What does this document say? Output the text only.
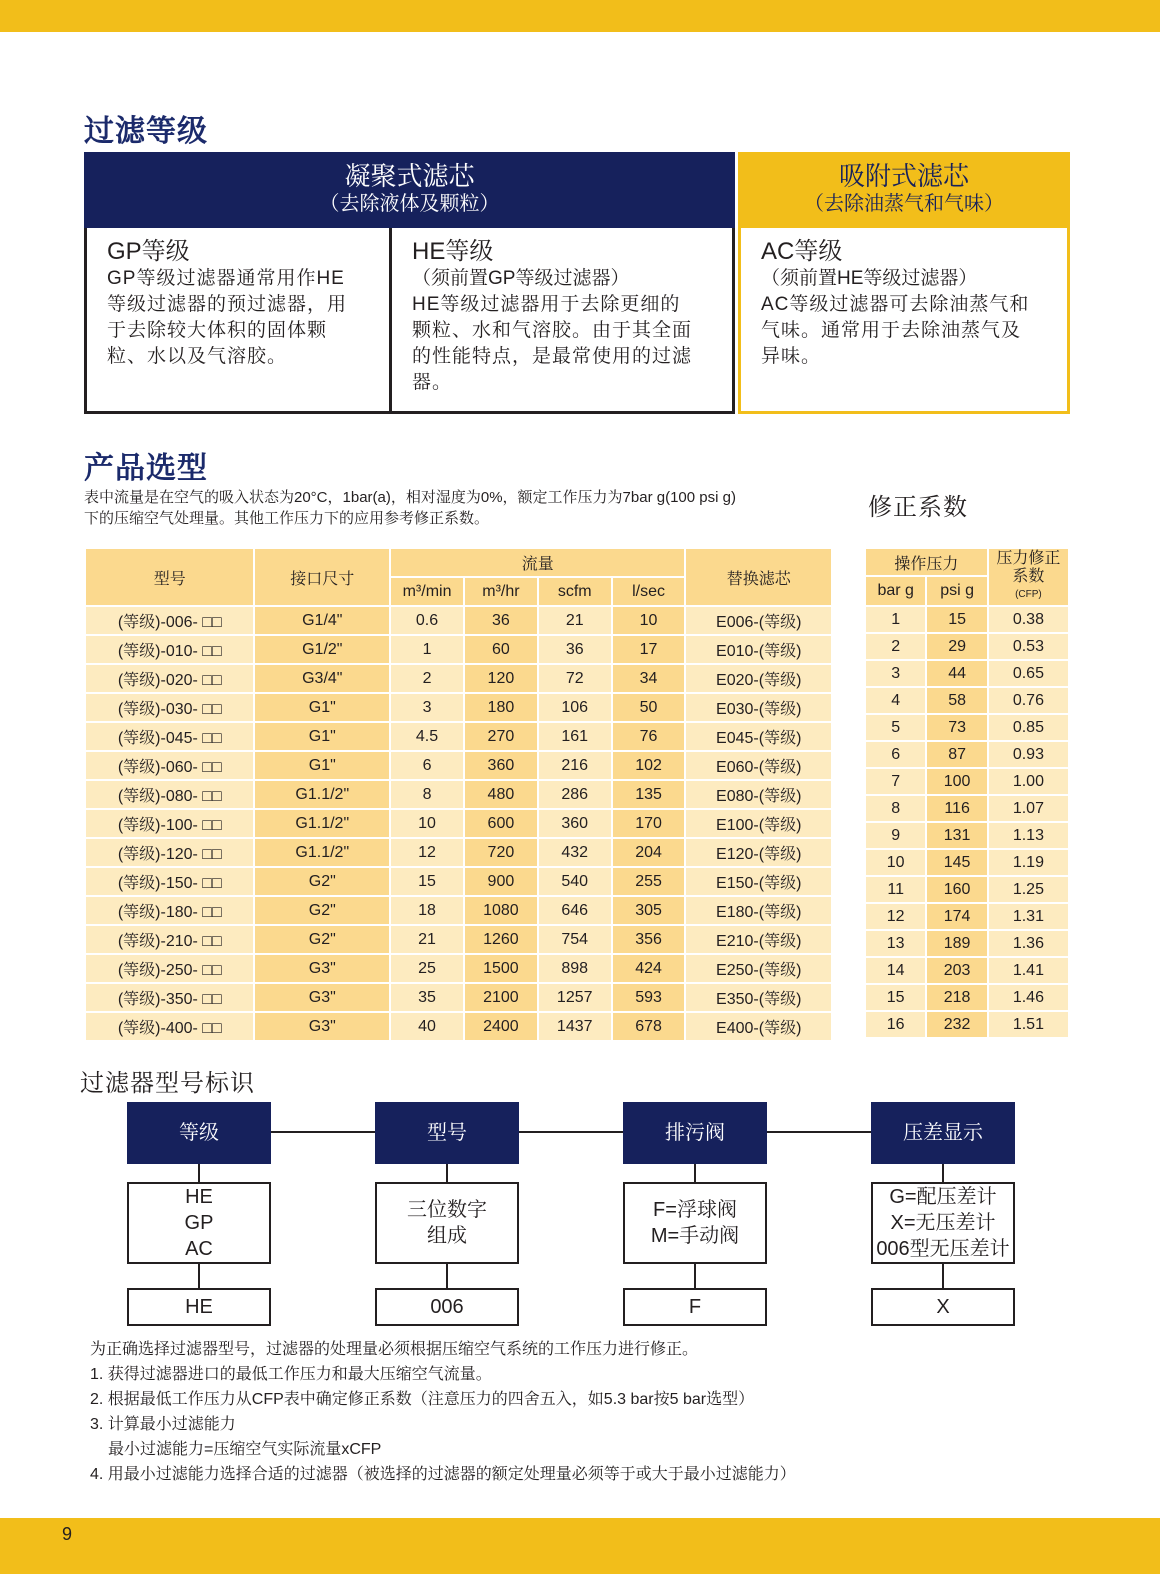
过滤等级
凝聚式滤芯
（去除液体及颗粒）
吸附式滤芯
（去除油蒸气和气味）
GP等级
GP等级过滤器通常用作HE
等级过滤器的预过滤器，用
于去除较大体积的固体颗
粒、水以及气溶胶。
HE等级
（须前置GP等级过滤器）
HE等级过滤器用于去除更细的
颗粒、水和气溶胶。由于其全面
的性能特点，是最常使用的过滤
器。
AC等级
（须前置HE等级过滤器）
AC等级过滤器可去除油蒸气和
气味。通常用于去除油蒸气及
异味。
产品选型
表中流量是在空气的吸入状态为20°C，1bar(a)，相对湿度为0%，额定工作压力为7bar g(100 psi g)
下的压缩空气处理量。其他工作压力下的应用参考修正系数。
型号	接口尺寸	流量				替换滤芯
		m³/min	m³/hr	scfm	l/sec	
(等级)-006- □□	G1/4"	0.6	36	21	10	E006-(等级)
(等级)-010- □□	G1/2"	1	60	36	17	E010-(等级)
(等级)-020- □□	G3/4"	2	120	72	34	E020-(等级)
(等级)-030- □□	G1"	3	180	106	50	E030-(等级)
(等级)-045- □□	G1"	4.5	270	161	76	E045-(等级)
(等级)-060- □□	G1"	6	360	216	102	E060-(等级)
(等级)-080- □□	G1.1/2"	8	480	286	135	E080-(等级)
(等级)-100- □□	G1.1/2"	10	600	360	170	E100-(等级)
(等级)-120- □□	G1.1/2"	12	720	432	204	E120-(等级)
(等级)-150- □□	G2"	15	900	540	255	E150-(等级)
(等级)-180- □□	G2"	18	1080	646	305	E180-(等级)
(等级)-210- □□	G2"	21	1260	754	356	E210-(等级)
(等级)-250- □□	G3"	25	1500	898	424	E250-(等级)
(等级)-350- □□	G3"	35	2100	1257	593	E350-(等级)
(等级)-400- □□	G3"	40	2400	1437	678	E400-(等级)
修正系数
操作压力		压力修正
系数
(CFP)

bar g	psi g	
1	15	0.38
2	29	0.53
3	44	0.65
4	58	0.76
5	73	0.85
6	87	0.93
7	100	1.00
8	116	1.07
9	131	1.13
10	145	1.19
11	160	1.25
12	174	1.31
13	189	1.36
14	203	1.41
15	218	1.46
16	232	1.51
过滤器型号标识
等级
HE
GP
AC
HE
型号
三位数字
组成
006
排污阀
F=浮球阀
M=手动阀
F
压差显示
G=配压差计
X=无压差计
006型无压差计
X
为正确选择过滤器型号，过滤器的处理量必须根据压缩空气系统的工作压力进行修正。
1. 获得过滤器进口的最低工作压力和最大压缩空气流量。
2. 根据最低工作压力从CFP表中确定修正系数（注意压力的四舍五入，如5.3 bar按5 bar选型）
3. 计算最小过滤能力
最小过滤能力=压缩空气实际流量xCFP
4. 用最小过滤能力选择合适的过滤器（被选择的过滤器的额定处理量必须等于或大于最小过滤能力）
9
